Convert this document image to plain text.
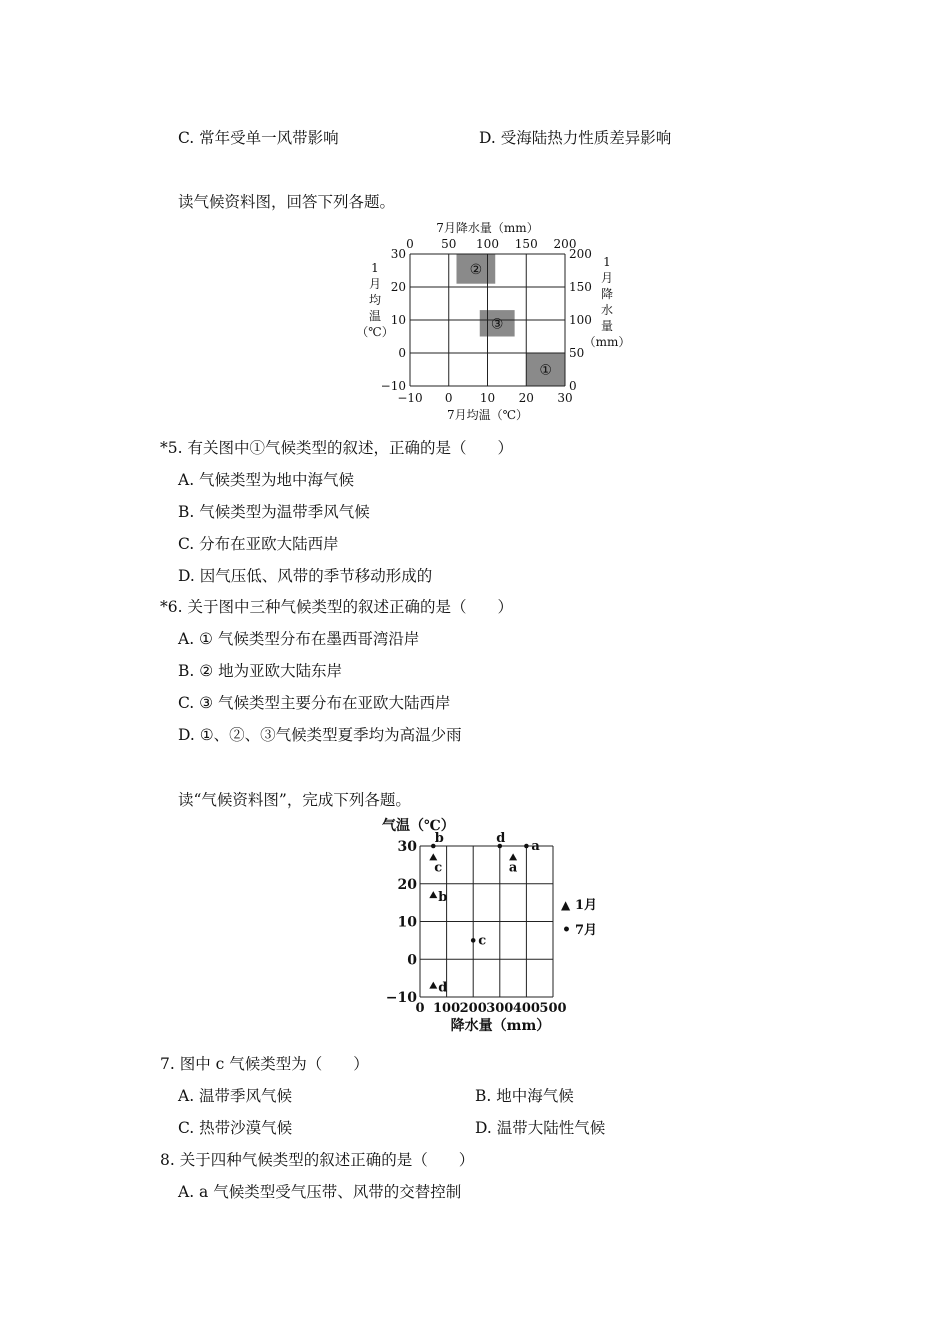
C. 常年受单一风带影响	D. 受海陆热力性质差异影响
读气候资料图，回答下列各题。
②
③
①
0 50 100 150 200
7月降水量（mm）
−10 0 10 20 30
7月均温（℃）
30
20
10
0
−10
1
月
均
温
（℃）
200
150
100
50
0
1
月
降
水
量
（mm）
*5. 有关图中①气候类型的叙述，正确的是（　　）
A. 气候类型为地中海气候
B. 气候类型为温带季风气候
C. 分布在亚欧大陆西岸
D. 因气压低、风带的季节移动形成的
*6. 关于图中三种气候类型的叙述正确的是（　　）
A. ① 气候类型分布在墨西哥湾沿岸
B. ② 地为亚欧大陆东岸
C. ③ 气候类型主要分布在亚欧大陆西岸
D. ①、②、③气候类型夏季均为高温少雨
读“气候资料图”，完成下列各题。
气温（℃）
30
20
10
0
−10
0 100 200 300 400 500
降水量（mm）
c	a
b
d
b	d
a
c
▲ 1月
• 7月
7. 图中 c 气候类型为（　　）
A. 温带季风气候	B. 地中海气候
C. 热带沙漠气候	D. 温带大陆性气候
8. 关于四种气候类型的叙述正确的是（　　）
A. a 气候类型受气压带、风带的交替控制
